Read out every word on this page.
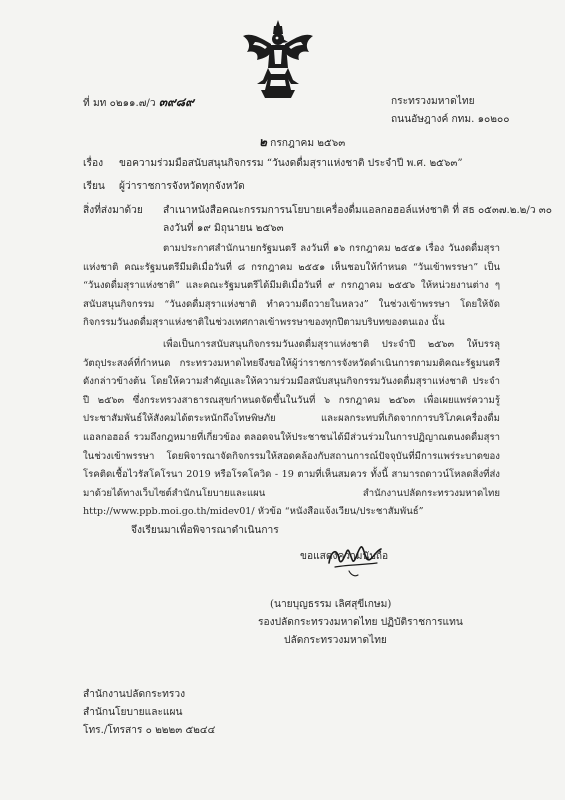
ที่ มท ๐๒๑๑.๗/ว ๓๙๘๙	กระทรวงมหาดไทย
ถนนอัษฎางค์ กทม. ๑๐๒๐๐
๒ กรกฎาคม ๒๕๖๓
เรื่อง ขอความร่วมมือสนับสนุนกิจกรรม “วันงดดื่มสุราแห่งชาติ ประจำปี พ.ศ. ๒๕๖๓”
เรียน ผู้ว่าราชการจังหวัดทุกจังหวัด
สิ่งที่ส่งมาด้วย สำเนาหนังสือคณะกรรมการนโยบายเครื่องดื่มแอลกอฮอล์แห่งชาติ ที่ สธ ๐๕๓๗.๒.๒/ว ๓๐
ลงวันที่ ๑๙ มิถุนายน ๒๕๖๓
ตามประกาศสำนักนายกรัฐมนตรี ลงวันที่ ๑๖ กรกฎาคม ๒๕๕๑ เรื่อง วันงดดื่มสุราแห่งชาติ คณะรัฐมนตรีมีมติเมื่อวันที่ ๘ กรกฎาคม ๒๕๕๑ เห็นชอบให้กำหนด “วันเข้าพรรษา” เป็น “วันงดดื่มสุราแห่งชาติ” และคณะรัฐมนตรีได้มีมติเมื่อวันที่ ๙ กรกฎาคม ๒๕๕๖ ให้หน่วยงานต่าง ๆ สนับสนุนกิจกรรม “วันงดดื่มสุราแห่งชาติ ทำความดีถวายในหลวง” ในช่วงเข้าพรรษา โดยให้จัดกิจกรรมวันงดดื่มสุราแห่งชาติในช่วงเทศกาลเข้าพรรษาของทุกปีตามบริบทของตนเอง นั้น
เพื่อเป็นการสนับสนุนกิจกรรมวันงดดื่มสุราแห่งชาติ ประจำปี ๒๕๖๓ ให้บรรลุวัตถุประสงค์ที่กำหนด กระทรวงมหาดไทยจึงขอให้ผู้ว่าราชการจังหวัดดำเนินการตามมติคณะรัฐมนตรีดังกล่าวข้างต้น โดยให้ความสำคัญและให้ความร่วมมือสนับสนุนกิจกรรมวันงดดื่มสุราแห่งชาติ ประจำปี ๒๕๖๓ ซึ่งกระทรวงสาธารณสุขกำหนดจัดขึ้นในวันที่ ๖ กรกฎาคม ๒๕๖๓ เพื่อเผยแพร่ความรู้ ประชาสัมพันธ์ให้สังคมได้ตระหนักถึงโทษพิษภัย และผลกระทบที่เกิดจากการบริโภคเครื่องดื่มแอลกอฮอล์ รวมถึงกฎหมายที่เกี่ยวข้อง ตลอดจนให้ประชาชนได้มีส่วนร่วมในการปฏิญาณตนงดดื่มสุราในช่วงเข้าพรรษา โดยพิจารณาจัดกิจกรรมให้สอดคล้องกับสถานการณ์ปัจจุบันที่มีการแพร่ระบาดของโรคติดเชื้อไวรัสโคโรนา 2019 หรือโรคโควิด - 19 ตามที่เห็นสมควร ทั้งนี้ สามารถดาวน์โหลดสิ่งที่ส่งมาด้วยได้ทางเว็บไซต์สำนักนโยบายและแผน สำนักงานปลัดกระทรวงมหาดไทย http://www.ppb.moi.go.th/midev01/ หัวข้อ “หนังสือแจ้งเวียน/ประชาสัมพันธ์”
จึงเรียนมาเพื่อพิจารณาดำเนินการ
ขอแสดงความนับถือ
(นายบุญธรรม เลิศสุขีเกษม)
รองปลัดกระทรวงมหาดไทย ปฏิบัติราชการแทน
ปลัดกระทรวงมหาดไทย
สำนักงานปลัดกระทรวง
สำนักนโยบายและแผน
โทร./โทรสาร ๐ ๒๒๒๓ ๕๒๔๔
